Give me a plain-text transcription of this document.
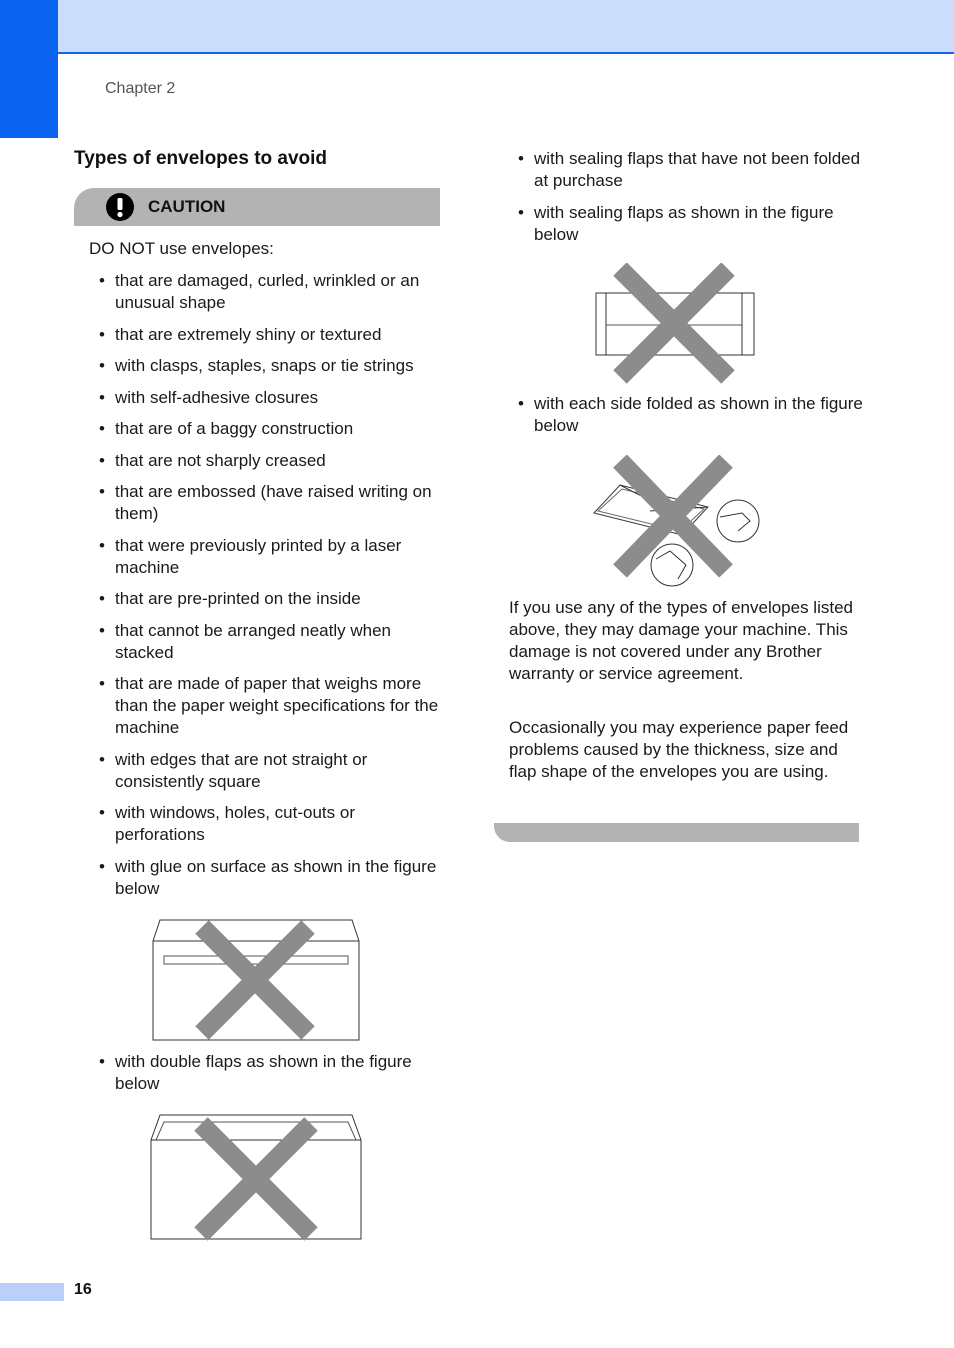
Chapter 2
Types of envelopes to avoid
CAUTION
DO NOT use envelopes:
• that are damaged, curled, wrinkled or an unusual shape
• that are extremely shiny or textured
• with clasps, staples, snaps or tie strings
• with self-adhesive closures
• that are of a baggy construction
• that are not sharply creased
• that are embossed (have raised writing on them)
• that were previously printed by a laser machine
• that are pre-printed on the inside
• that cannot be arranged neatly when stacked
• that are made of paper that weighs more than the paper weight specifications for the machine
• with edges that are not straight or consistently square
• with windows, holes, cut-outs or perforations
• with glue on surface as shown in the figure below
• with double flaps as shown in the figure below
• with sealing flaps that have not been folded at purchase
• with sealing flaps as shown in the figure below
• with each side folded as shown in the figure below

If you use any of the types of envelopes listed above, they may damage your machine. This damage is not covered under any Brother warranty or service agreement.

Occasionally you may experience paper feed problems caused by the thickness, size and flap shape of the envelopes you are using.

16
